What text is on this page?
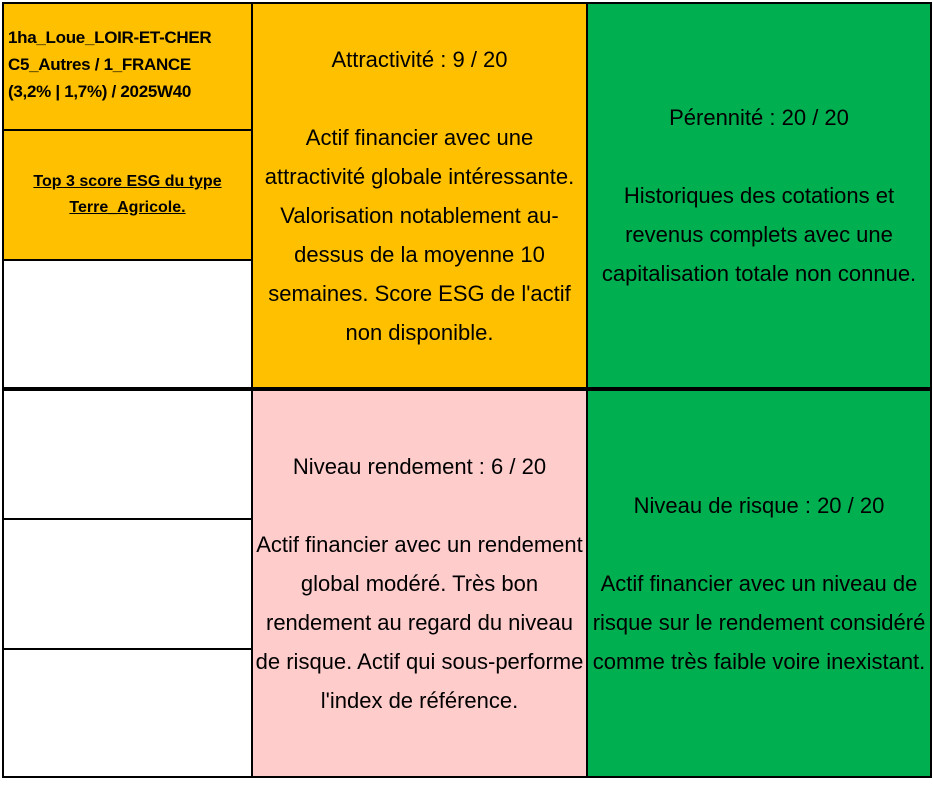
1ha_Loue_LOIR-ET-CHER
C5_Autres / 1_FRANCE
(3,2% | 1,7%) / 2025W40
Top 3 score ESG du type Terre_Agricole.
Attractivité : 9 / 20
Actif financier avec une attractivité globale intéressante. Valorisation notablement au-dessus de la moyenne 10 semaines. Score ESG de l'actif non disponible.
Pérennité : 20 / 20
Historiques des cotations et revenus complets avec une capitalisation totale non connue.
Niveau rendement : 6 / 20
Actif financier avec un rendement global modéré. Très bon rendement au regard du niveau de risque. Actif qui sous-performe l'index de référence.
Niveau de risque : 20 / 20
Actif financier avec un niveau de risque sur le rendement considéré comme très faible voire inexistant.
